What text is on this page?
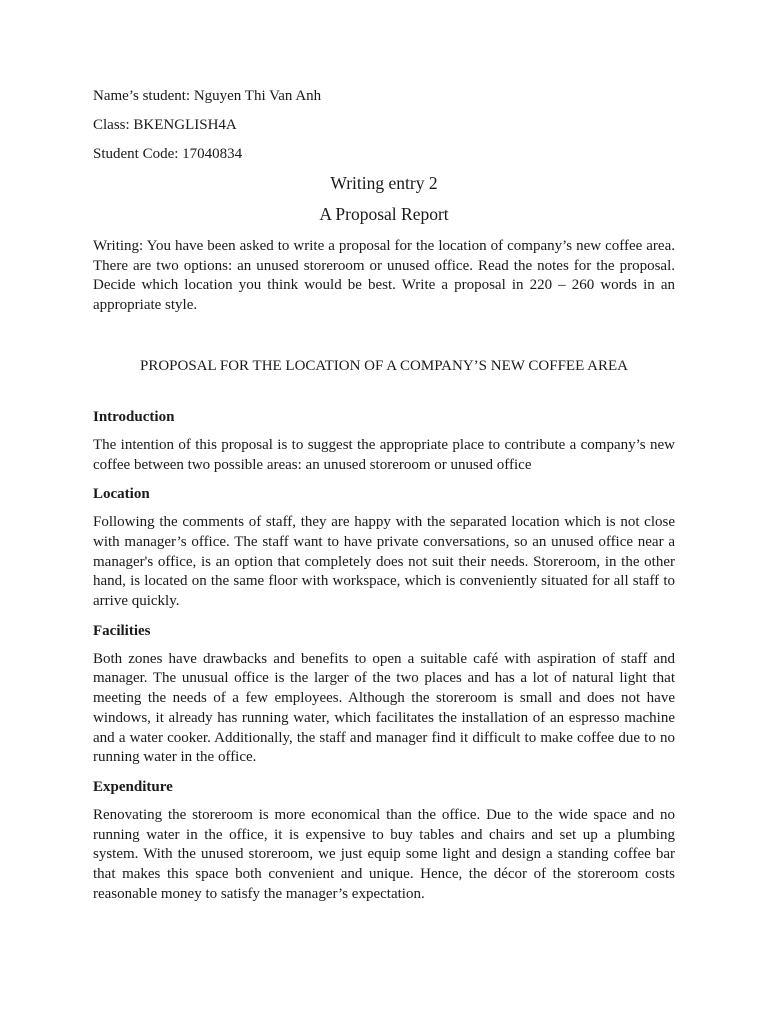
Name’s student: Nguyen Thi Van Anh
Class: BKENGLISH4A
Student Code: 17040834
Writing entry 2
A Proposal Report

Writing: You have been asked to write a proposal for the location of company’s new coffee area. There are two options: an unused storeroom or unused office. Read the notes for the proposal. Decide which location you think would be best. Write a proposal in 220 – 260 words in an appropriate style.

PROPOSAL FOR THE LOCATION OF A COMPANY’S NEW COFFEE AREA
Introduction

The intention of this proposal is to suggest the appropriate place to contribute a company’s new coffee between two possible areas: an unused storeroom or unused office

Location

Following the comments of staff, they are happy with the separated location which is not close with manager’s office. The staff want to have private conversations, so an unused office near a manager's office, is an option that completely does not suit their needs. Storeroom, in the other hand, is located on the same floor with workspace, which is conveniently situated for all staff to arrive quickly.

Facilities

Both zones have drawbacks and benefits to open a suitable café with aspiration of staff and manager. The unusual office is the larger of the two places and has a lot of natural light that meeting the needs of a few employees. Although the storeroom is small and does not have windows, it already has running water, which facilitates the installation of an espresso machine and a water cooker. Additionally, the staff and manager find it difficult to make coffee due to no running water in the office.

Expenditure

Renovating the storeroom is more economical than the office. Due to the wide space and no running water in the office, it is expensive to buy tables and chairs and set up a plumbing system. With the unused storeroom, we just equip some light and design a standing coffee bar that makes this space both convenient and unique. Hence, the décor of the storeroom costs reasonable money to satisfy the manager’s expectation.
